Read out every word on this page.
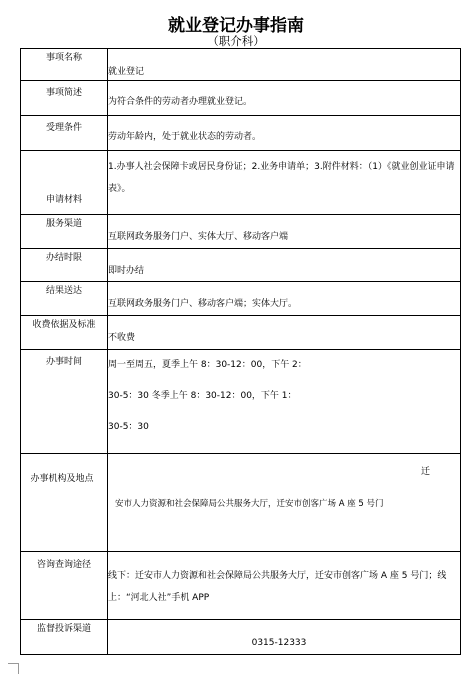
就业登记办事指南
（职介科）
事项名称	就业登记

事项简述	为符合条件的劳动者办理就业登记。

受理条件	劳动年龄内，处于就业状态的劳动者。

申请材料	1.办事人社会保障卡或居民身份证；2.业务申请单；3.附件材料：（1）《就业创业证申请表》。

服务渠道	互联网政务服务门户、实体大厅、移动客户端

办结时限	即时办结

结果送达	互联网政务服务门户、移动客户端；实体大厅。

收费依据及标准	不收费

办事时间	周一至周五，夏季上午 8：30-12：00，下午 2：
30-5：30 冬季上午 8：30-12：00，下午 1：
30-5：30

办事机构及地点	迁
安市人力资源和社会保障局公共服务大厅，迁安市创客广场 A 座 5 号门

咨询查询途径	线下：迁安市人力资源和社会保障局公共服务大厅，迁安市创客广场 A 座 5 号门；线上：“河北人社”手机 APP

监督投诉渠道	0315-12333
